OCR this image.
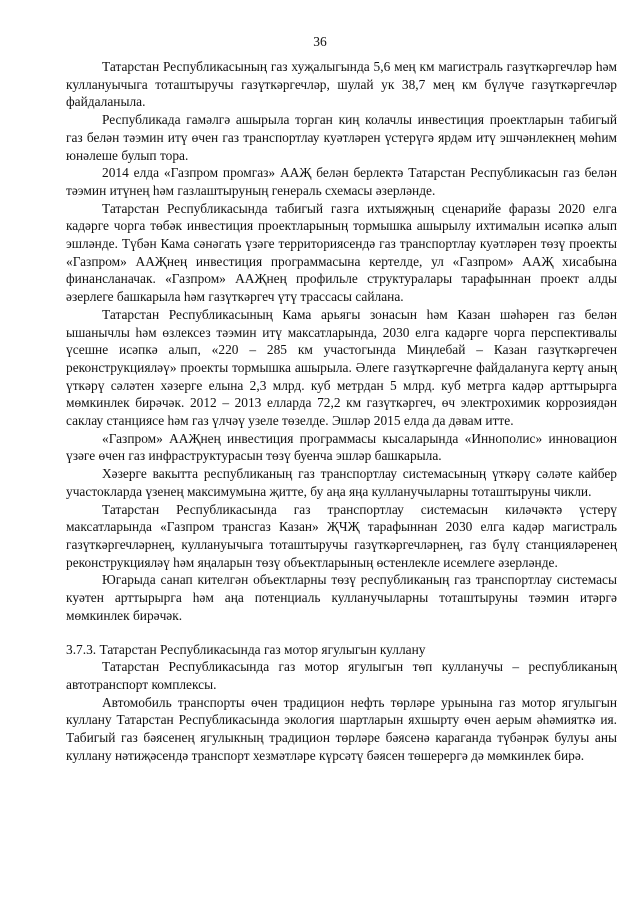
36

Татарстан Республикасының газ хуҗалыгында 5,6 мең км магистраль газүткәргечләр һәм куллануычыга тоташтыручы газүткәргечләр, шулай ук 38,7 мең км бүлүче газүткәргечләр файдаланыла.

Республикада гамәлгә ашырыла торган киң колачлы инвестиция проектларын табигый газ белән тәэмин итү өчен газ транспортлау куәтләрен үстерүгә ярдәм итү эшчәнлекнең мөһим юнәлеше булып тора.

2014 елда «Газпром промгаз» ААҖ белән берлектә Татарстан Республикасын газ белән тәэмин итүнең һәм газлаштыруның генераль схемасы әзерләнде.

Татарстан Республикасында табигый газга ихтыяҗның сценарийе фаразы 2020 елга кадәрге чорга төбәк инвестиция проектларының тормышка ашырылу ихтималын исәпкә алып эшләнде. Түбән Кама сәнәгать үзәге территориясендә газ транспортлау куәтләрен төзү проекты «Газпром» ААҖнең инвестиция программасына кертелде, ул «Газпром» ААҖ хисабына финансланачак. «Газпром» ААҖнең профильле структуралары тарафыннан проект алды әзерлеге башкарыла һәм газүткәргеч үтү трассасы сайлана.

Татарстан Республикасының Кама арьягы зонасын һәм Казан шәһәрен газ белән ышанычлы һәм өзлексез тәэмин итү максатларында, 2030 елга кадәрге чорга перспективалы үсешне исәпкә алып, «220 – 285 км участогында Миңлебай – Казан газүткәргечен реконструкцияләү» проекты тормышка ашырыла. Әлеге газүткәргечне файдалануга кертү аның үткәрү сәләтен хәзерге елына 2,3 млрд. куб метрдан 5 млрд. куб метрга кадәр арттырырга мөмкинлек бирәчәк. 2012 – 2013 елларда 72,2 км газүткәргеч, өч электрохимик коррозиядән саклау станциясе һәм газ үлчәү узеле төзелде. Эшләр 2015 елда да дәвам итте.

«Газпром» ААҖнең инвестиция программасы кысаларында «Иннополис» инновацион үзәге өчен газ инфраструктурасын төзү буенча эшләр башкарыла.

Хәзерге вакытта республиканың газ транспортлау системасының үткәрү сәләте кайбер участокларда үзенең максимумына җитте, бу аңа яңа кулланучыларны тоташтыруны чикли.

Татарстан Республикасында газ транспортлау системасын киләчәктә үстерү максатларында «Газпром трансгаз Казан» ҖЧҖ тарафыннан 2030 елга кадәр магистраль газүткәргечләрнең, куллануычыга тоташтыручы газүткәргечләрнең, газ бүлү станцияләренең реконструкцияләү һәм яңаларын төзү объектларының өстенлекле исемлеге әзерләнде.

Югарыда санап кителгән объектларны төзү республиканың газ транспортлау системасы куәтен арттырырга һәм аңа потенциаль кулланучыларны тоташтыруны тәэмин итәргә мөмкинлек бирәчәк.

3.7.3. Татарстан Республикасында газ мотор ягулыгын куллану

Татарстан Республикасында газ мотор ягулыгын төп кулланучы – республиканың автотранспорт комплексы.

Автомобиль транспорты өчен традицион нефть төрләре урынына газ мотор ягулыгын куллану Татарстан Республикасында экология шартларын яхшырту өчен аерым әһәмияткә ия. Табигый газ бәясенең ягулыкның традицион төрләре бәясенә карагандa түбәнрәк булуы аны куллану нәтиҗәсендә транспорт хезмәтләре күрсәтү бәясен төшерергә дә мөмкинлек бирә.
